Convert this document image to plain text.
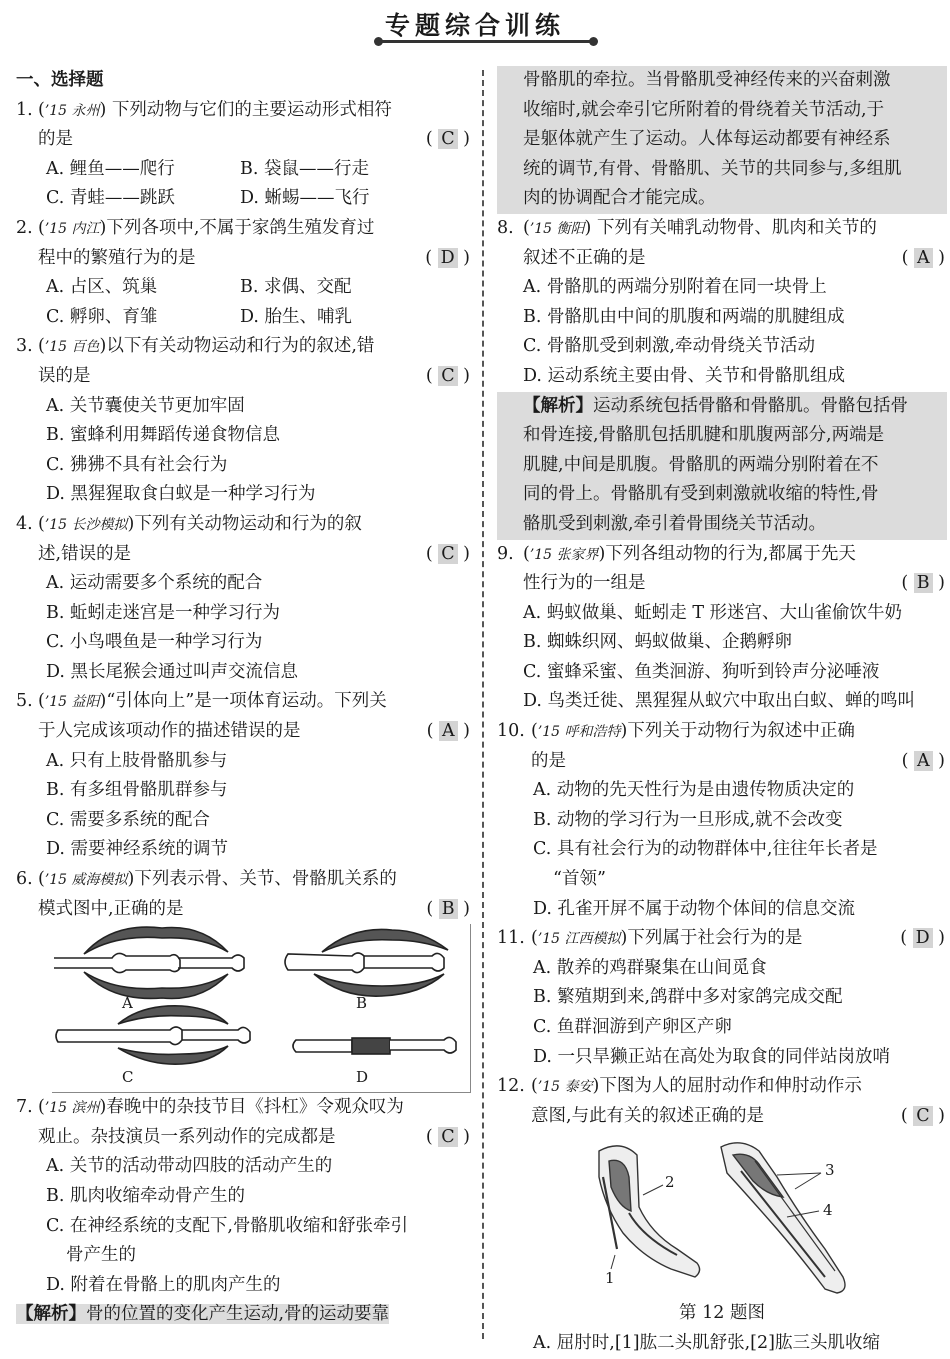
专题综合训练
一、选择题
1. (’15 永州) 下列动物与它们的主要运动形式相符
的是	( C )
A. 鲤鱼——爬行	B. 袋鼠——行走
C. 青蛙——跳跃	D. 蜥蜴——飞行
2. (’15 内江)下列各项中,不属于家鸽生殖发育过
程中的繁殖行为的是	( D )
A. 占区、筑巢	B. 求偶、交配
C. 孵卵、育雏	D. 胎生、哺乳
3. (’15 百色)以下有关动物运动和行为的叙述,错
误的是	( C )
A. 关节囊使关节更加牢固
B. 蜜蜂利用舞蹈传递食物信息
C. 狒狒不具有社会行为
D. 黑猩猩取食白蚁是一种学习行为
4. (’15 长沙模拟)下列有关动物运动和行为的叙
述,错误的是	( C )
A. 运动需要多个系统的配合
B. 蚯蚓走迷宫是一种学习行为
C. 小鸟喂鱼是一种学习行为
D. 黑长尾猴会通过叫声交流信息
5. (’15 益阳)“引体向上”是一项体育运动。下列关
于人完成该项动作的描述错误的是	( A )
A. 只有上肢骨骼肌参与
B. 有多组骨骼肌群参与
C. 需要多系统的配合
D. 需要神经系统的调节
6. (’15 威海模拟)下列表示骨、关节、骨骼肌关系的
模式图中,正确的是	( B )
A	B
C	D
7. (’15 滨州)春晚中的杂技节目《抖杠》令观众叹为
观止。杂技演员一系列动作的完成都是	( C )
A. 关节的活动带动四肢的活动产生的
B. 肌肉收缩牵动骨产生的
C. 在神经系统的支配下,骨骼肌收缩和舒张牵引
骨产生的
D. 附着在骨骼上的肌肉产生的
【解析】骨的位置的变化产生运动,骨的运动要靠
骨骼肌的牵拉。当骨骼肌受神经传来的兴奋刺激
收缩时,就会牵引它所附着的骨绕着关节活动,于
是躯体就产生了运动。人体每运动都要有神经系
统的调节,有骨、骨骼肌、关节的共同参与,多组肌
肉的协调配合才能完成。
8. (’15 衡阳) 下列有关哺乳动物骨、肌肉和关节的
叙述不正确的是	( A )
A. 骨骼肌的两端分别附着在同一块骨上
B. 骨骼肌由中间的肌腹和两端的肌腱组成
C. 骨骼肌受到刺激,牵动骨绕关节活动
D. 运动系统主要由骨、关节和骨骼肌组成
【解析】运动系统包括骨骼和骨骼肌。骨骼包括骨
和骨连接,骨骼肌包括肌腱和肌腹两部分,两端是
肌腱,中间是肌腹。骨骼肌的两端分别附着在不
同的骨上。骨骼肌有受到刺激就收缩的特性,骨
骼肌受到刺激,牵引着骨围绕关节活动。
9. (’15 张家界)下列各组动物的行为,都属于先天
性行为的一组是	( B )
A. 蚂蚁做巢、蚯蚓走 T 形迷宫、大山雀偷饮牛奶
B. 蜘蛛织网、蚂蚁做巢、企鹅孵卵
C. 蜜蜂采蜜、鱼类洄游、狗听到铃声分泌唾液
D. 鸟类迁徙、黑猩猩从蚁穴中取出白蚁、蝉的鸣叫
10. (’15 呼和浩特)下列关于动物行为叙述中正确
的是	( A )
A. 动物的先天性行为是由遗传物质决定的
B. 动物的学习行为一旦形成,就不会改变
C. 具有社会行为的动物群体中,往往年长者是
“首领”
D. 孔雀开屏不属于动物个体间的信息交流
11. (’15 江西模拟)下列属于社会行为的是	( D )
A. 散养的鸡群聚集在山间觅食
B. 繁殖期到来,鸽群中多对家鸽完成交配
C. 鱼群洄游到产卵区产卵
D. 一只旱獭正站在高处为取食的同伴站岗放哨
12. (’15 泰安)下图为人的屈肘动作和伸肘动作示
意图,与此有关的叙述正确的是	( C )
2
1
3
4
第 12 题图
A. 屈肘时,[1]肱二头肌舒张,[2]肱三头肌收缩
